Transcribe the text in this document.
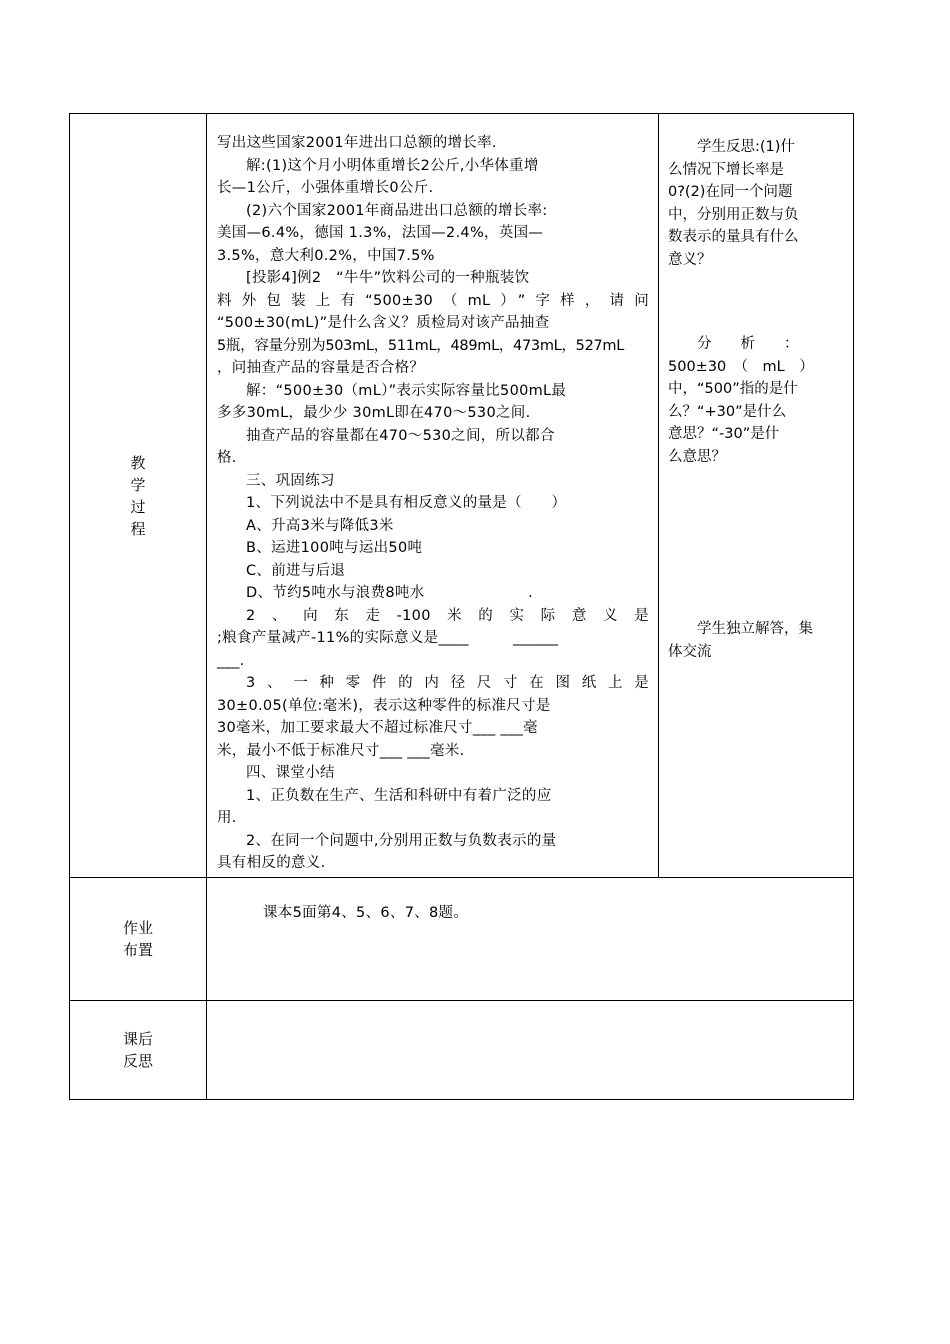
教
学
过
程
作业
布置
课后
反思

写出这些国家2001年进出口总额的增长率.

解:(1)这个月小明体重增长2公斤,小华体重增

长—1公斤，小强体重增长0公斤.

(2)六个国家2001年商品进出口总额的增长率:

美国—6.4%，德国 1.3%，法国—2.4%，英国—

3.5%，意大利0.2%，中国7.5%

[投影4]例2　“牛牛”饮料公司的一种瓶装饮

料外包装上有“500±30（mL）”字样，请问

“500±30(mL)”是什么含义？质检局对该产品抽查

5瓶，容量分别为503mL，511mL，489mL，473mL，527mL

，问抽查产品的容量是否合格？

解：“500±30（mL）”表示实际容量比500mL最

多多30mL，最少少 30mL即在470～530之间.

抽查产品的容量都在470～530之间，所以都合

格.

三、巩固练习

1、下列说法中不是具有相反意义的量是（　　）

A、升高3米与降低3米

B、运进100吨与运出50吨

C、前进与后退

D、节约5吨水与浪费8吨水　　　　　　　.

2、向东走-100米的实际意义是

;粮食产量减产-11%的实际意义是____　　　______

___.

3、一种零件的内径尺寸在图纸上是

30±0.05(单位:毫米)，表示这种零件的标准尺寸是

30毫米，加工要求最大不超过标准尺寸___ ___毫

米，最小不低于标准尺寸___ ___毫米.

四、课堂小结

1、正负数在生产、生活和科研中有着广泛的应

用.

2、在同一个问题中,分别用正数与负数表示的量

具有相反的意义.

学生反思:(1)什

么情况下增长率是

0?(2)在同一个问题

中，分别用正数与负

数表示的量具有什么

意义？

分　　析　　：

500±30　（　mL　）

中，“500”指的是什

么？“+30”是什么

意思？“-30”是什

么意思？

学生独立解答，集

体交流

课本5面第4、5、6、7、8题。
